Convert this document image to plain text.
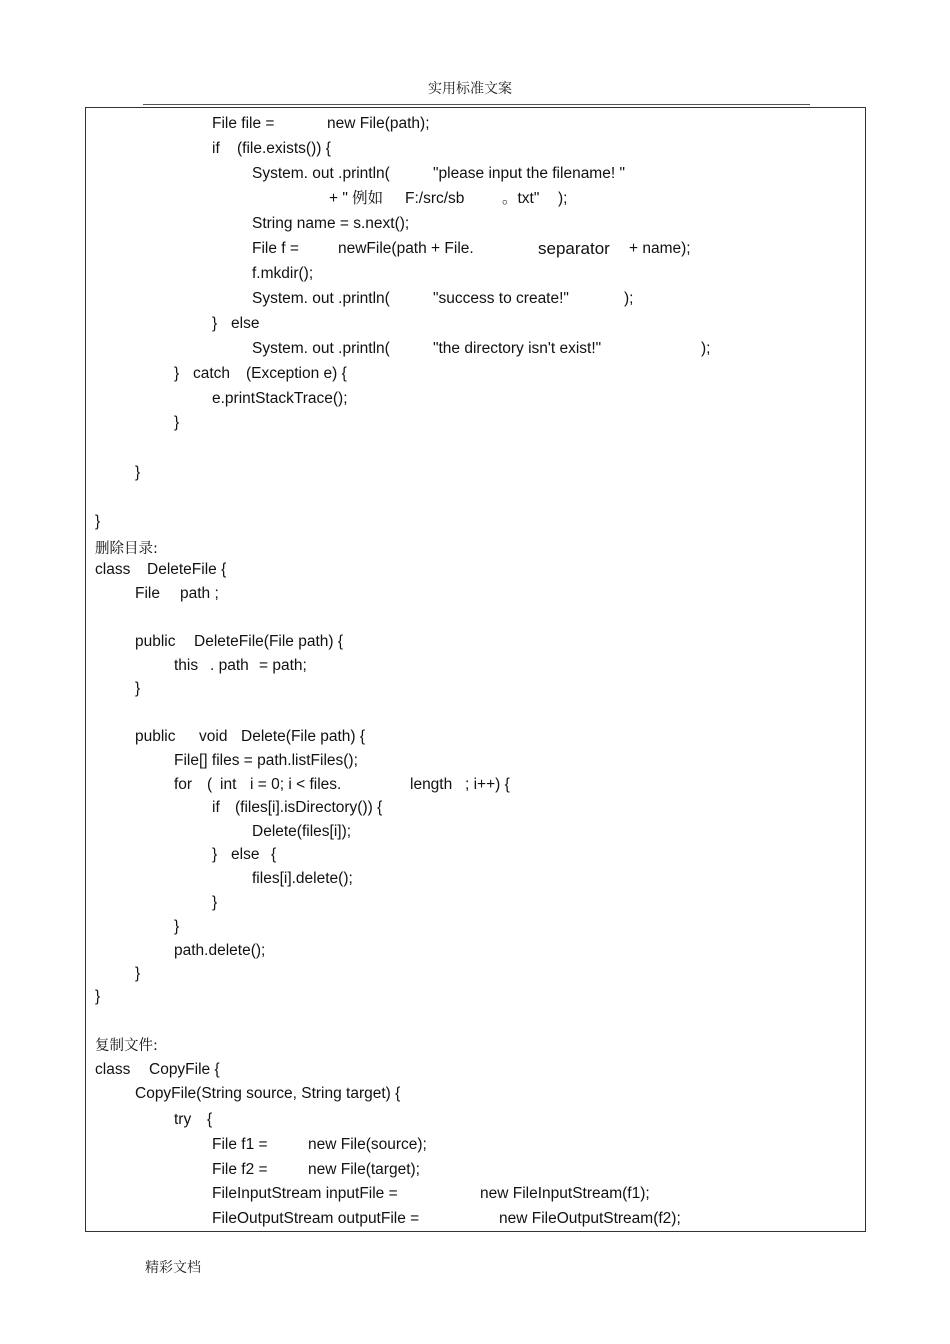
实用标准文案

File file =

	new File(path);

if

(file.exists()) {

System. out .println(

	"please input the filename! "

+ " 例如

F:/src/sb

。txt"

);

String name = s.next();

File f =

	newFile(path + File.

	separator

+ name);

f.mkdir();

System. out .println(

	"success to create!"

	);

}

else

System. out .println(

	"the directory isn't exist!"

	);

}

catch

(Exception e) {

e.printStackTrace();

}

}

}

删除目录:

class

DeleteFile {

File

path ;

public

DeleteFile(File path) {

this

. path

= path;

}

public

void

Delete(File path) {

File[] files = path.listFiles();

for

(

int

i = 0; i < files.

	length

; i++) {

if

(files[i].isDirectory()) {

Delete(files[i]);

}

else

{

files[i].delete();

}

}

path.delete();

}

}

复制文件:

class

CopyFile {

CopyFile(String source, String target) {

try

{

File f1 =

	new File(source);

File f2 =

	new File(target);

FileInputStream inputFile =

	new FileInputStream(f1);

FileOutputStream outputFile =

	new FileOutputStream(f2);

精彩文档
